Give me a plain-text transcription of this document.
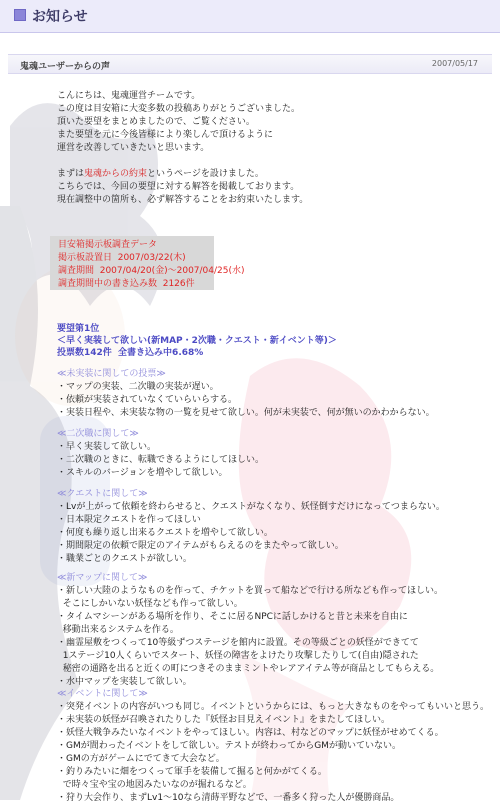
お知らせ
鬼魂ユーザーからの声	2007/05/17
こんにちは、鬼魂運営チームです。
この度は目安箱に大変多数の投稿ありがとうございました。
頂いた要望をまとめましたので、ご覧ください。
また要望を元に今後皆様により楽しんで頂けるように
運営を改善していきたいと思います。

まずは鬼魂からの約束というページを設けました。
こちらでは、今回の要望に対する解答を掲載しております。
現在調整中の箇所も、必ず解答することをお約束いたします。
目安箱掲示板調査データ
掲示板設置日  2007/03/22(木)
調査期間  2007/04/20(金)〜2007/04/25(水)
調査期間中の書き込み数  2126件
要望第1位
＜早く実装して欲しい(新MAP・2次職・クエスト・新イベント等)＞
投票数142件  全書き込み中6.68%
≪未実装に関しての投票≫
・マップの実装、二次職の実装が遅い。
・依頼が実装されていなくていらいらする。
・実装日程や、未実装な物の一覧を見せて欲しい。何が未実装で、何が無いのかわからない。
≪二次職に関して≫
・早く実装して欲しい。
・二次職のときに、転職できるようにしてほしい。
・スキルのバージョンを増やして欲しい。
≪クエストに関して≫
・Lvが上がって依頼を終わらせると、クエストがなくなり、妖怪倒すだけになってつまらない。
・日本限定クエストを作ってほしい
・何度も繰り返し出来るクエストを増やして欲しい。
・期間限定の依頼で限定のアイテムがもらえるのをまたやって欲しい。
・職業ごとのクエストが欲しい。
≪新マップに関して≫
・新しい大陸のようなものを作って、チケットを買って船などで行ける所なども作ってほしい。
そこにしかいない妖怪なども作って欲しい。
・タイムマシーンがある場所を作り、そこに居るNPCに話しかけると昔と未来を自由に
移動出来るシステムを作る。
・幽霊屋敷をつくって10等級ずつステージを館内に設置。その等級ごとの妖怪ができてて
1ステージ10人くらいでスタート、妖怪の障害をよけたり攻撃したりして(自由)隠された
秘密の通路を出ると近くの町につきそのままミントやレアアイテム等が商品としてもらえる。
・水中マップを実装して欲しい。
≪イベントに関して≫
・突発イベントの内容がいつも同じ。イベントというからには、もっと大きなものをやってもいいと思う。
・未実装の妖怪が召喚されたりした『妖怪お目見えイベント』をまたしてほしい。
・妖怪大戦争みたいなイベントをやってほしい。内容は、村などのマップに妖怪がせめてくる。
・GMが間わったイベントをして欲しい。テストが終わってからGMが動いていない。
・GMの方がゲームにでてきて大会など。
・釣りみたいに畑をつくって軍手を装備して掘ると何かがてくる。
で時々宝や宝の地図みたいなのが掘れるなど。
・狩り大会作り、まずLv1〜10なら清蒔平野などで、一番多く狩った人が優勝商品。
